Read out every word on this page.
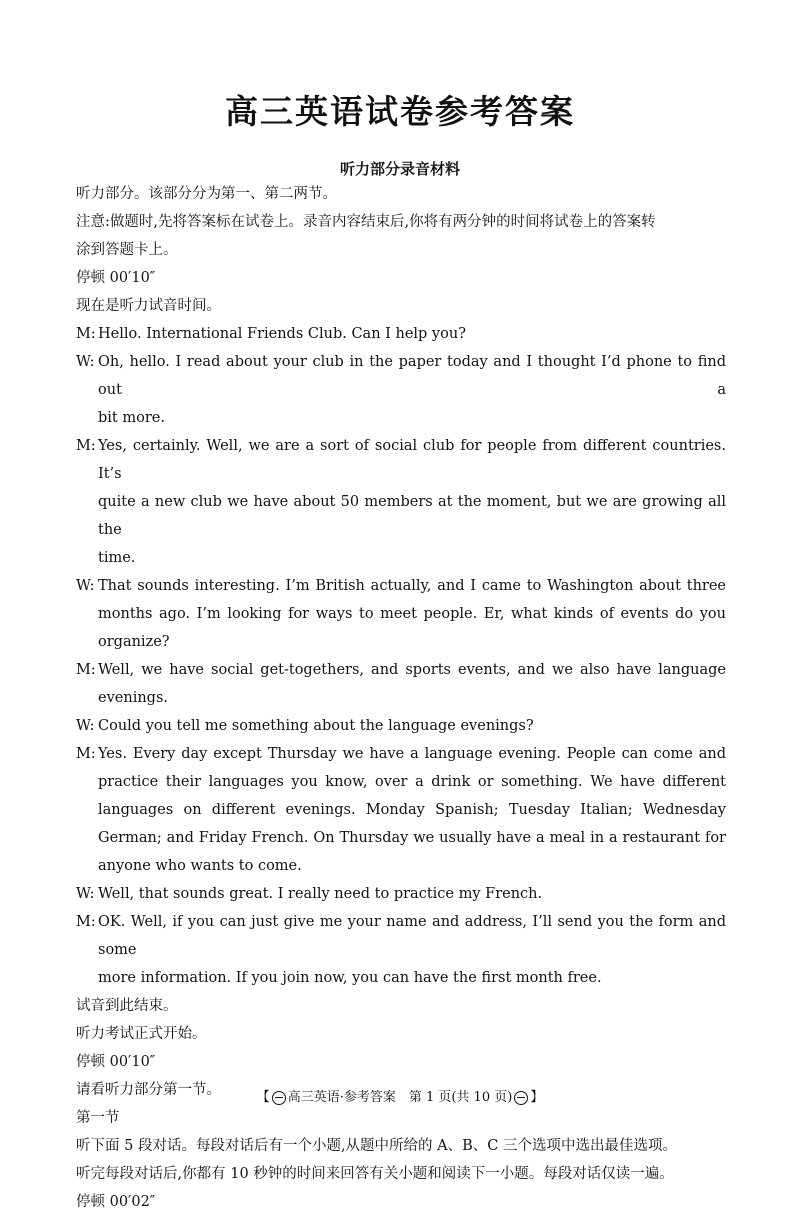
高三英语试卷参考答案
听力部分录音材料
听力部分。该部分分为第一、第二两节。
注意:做题时,先将答案标在试卷上。录音内容结束后,你将有两分钟的时间将试卷上的答案转
涂到答题卡上。
停顿 00′10″
现在是听力试音时间。
M: Hello. International Friends Club. Can I help you?
W: Oh, hello. I read about your club in the paper today and I thought I’d phone to find out a
bit more.
M: Yes, certainly. Well, we are a sort of social club for people from different countries. It’s
quite a new club we have about 50 members at the moment, but we are growing all the
time.
W: That sounds interesting. I’m British actually, and I came to Washington about three
months ago. I’m looking for ways to meet people. Er, what kinds of events do you organize?
M: Well, we have social get-togethers, and sports events, and we also have language evenings.
W: Could you tell me something about the language evenings?
M: Yes. Every day except Thursday we have a language evening. People can come and
practice their languages you know, over a drink or something. We have different
languages on different evenings. Monday Spanish; Tuesday Italian; Wednesday
German; and Friday French. On Thursday we usually have a meal in a restaurant for
anyone who wants to come.
W: Well, that sounds great. I really need to practice my French.
M: OK. Well, if you can just give me your name and address, I’ll send you the form and some
more information. If you join now, you can have the first month free.
试音到此结束。
听力考试正式开始。
停顿 00′10″
请看听力部分第一节。
第一节
听下面 5 段对话。每段对话后有一个小题,从题中所给的 A、B、C 三个选项中选出最佳选项。
听完每段对话后,你都有 10 秒钟的时间来回答有关小题和阅读下一小题。每段对话仅读一遍。
停顿 00′02″
【 高三英语·参考答案　第 1 页(共 10 页) 】
